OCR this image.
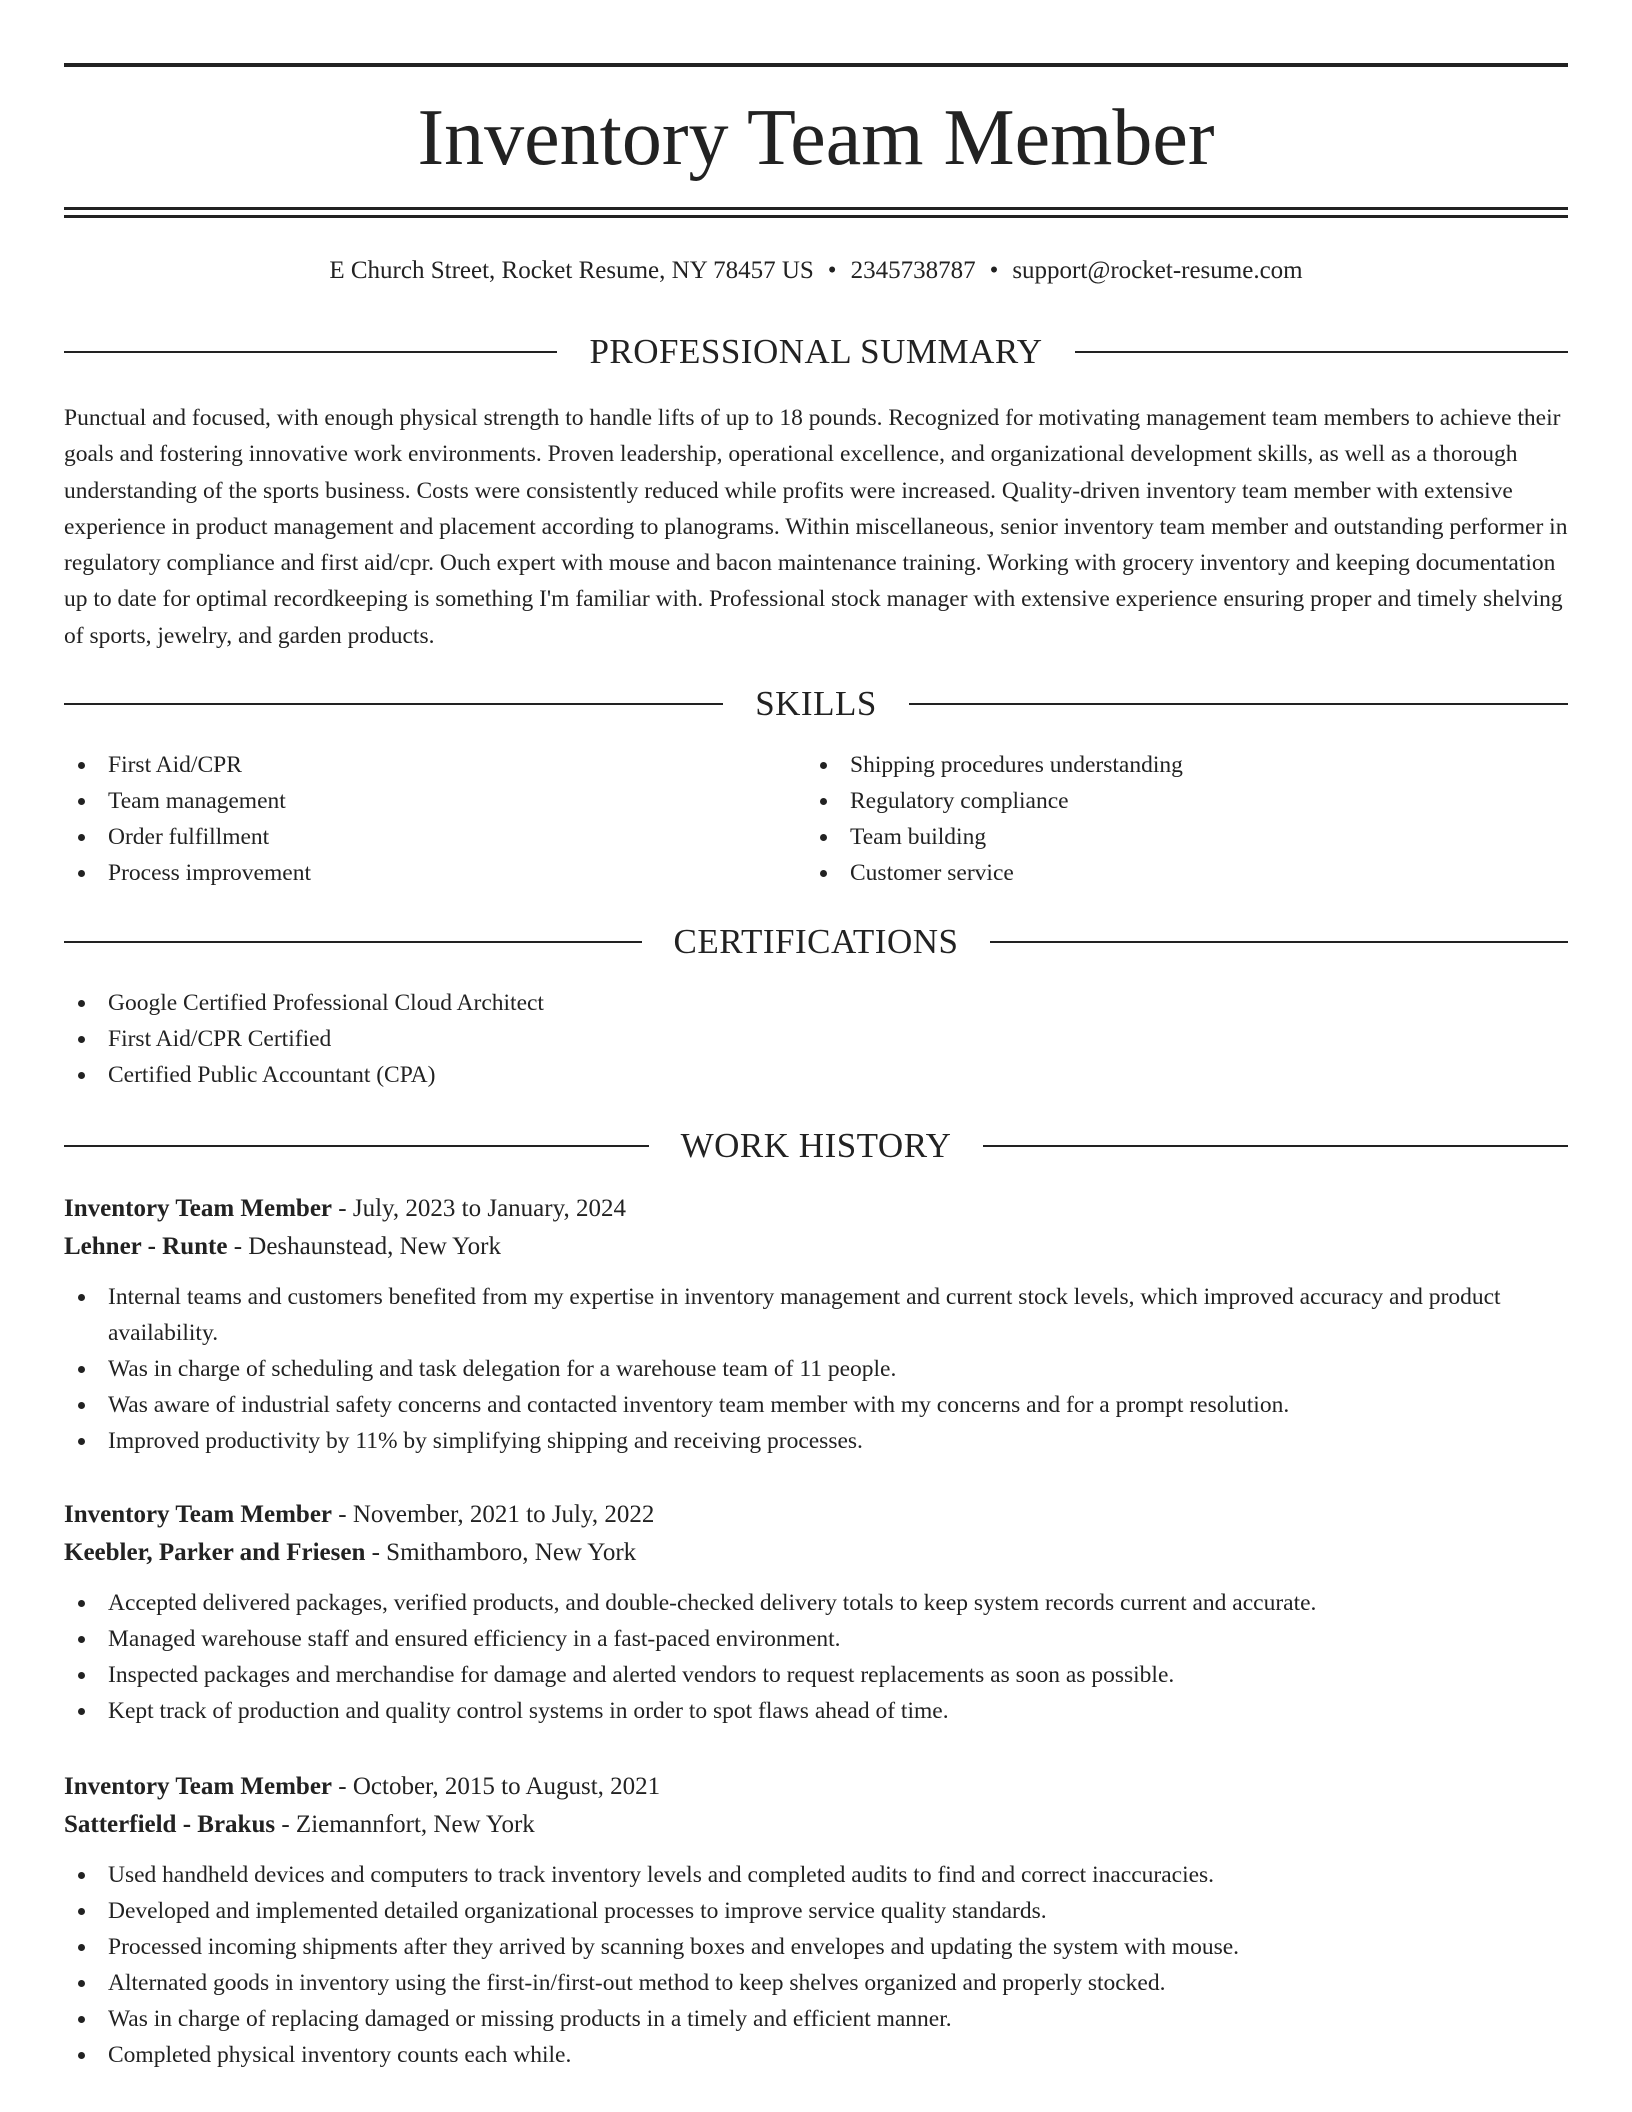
Inventory Team Member
E Church Street, Rocket Resume, NY 78457 US • 2345738787 • support@rocket-resume.com
PROFESSIONAL SUMMARY

Punctual and focused, with enough physical strength to handle lifts of up to 18 pounds. Recognized for motivating management team members to achieve their goals and fostering innovative work environments. Proven leadership, operational excellence, and organizational development skills, as well as a thorough understanding of the sports business. Costs were consistently reduced while profits were increased. Quality-driven inventory team member with extensive experience in product management and placement according to planograms. Within miscellaneous, senior inventory team member and outstanding performer in regulatory compliance and first aid/cpr. Ouch expert with mouse and bacon maintenance training. Working with grocery inventory and keeping documentation up to date for optimal recordkeeping is something I'm familiar with. Professional stock manager with extensive experience ensuring proper and timely shelving of sports, jewelry, and garden products.

SKILLS
First Aid/CPR
Team management
Order fulfillment
Process improvement
Shipping procedures understanding
Regulatory compliance
Team building
Customer service
CERTIFICATIONS
Google Certified Professional Cloud Architect
First Aid/CPR Certified
Certified Public Accountant (CPA)
WORK HISTORY
Inventory Team Member - July, 2023 to January, 2024
Lehner - Runte - Deshaunstead, New York
Internal teams and customers benefited from my expertise in inventory management and current stock levels, which improved accuracy and product availability.
Was in charge of scheduling and task delegation for a warehouse team of 11 people.
Was aware of industrial safety concerns and contacted inventory team member with my concerns and for a prompt resolution.
Improved productivity by 11% by simplifying shipping and receiving processes.
Inventory Team Member - November, 2021 to July, 2022
Keebler, Parker and Friesen - Smithamboro, New York
Accepted delivered packages, verified products, and double-checked delivery totals to keep system records current and accurate.
Managed warehouse staff and ensured efficiency in a fast-paced environment.
Inspected packages and merchandise for damage and alerted vendors to request replacements as soon as possible.
Kept track of production and quality control systems in order to spot flaws ahead of time.
Inventory Team Member - October, 2015 to August, 2021
Satterfield - Brakus - Ziemannfort, New York
Used handheld devices and computers to track inventory levels and completed audits to find and correct inaccuracies.
Developed and implemented detailed organizational processes to improve service quality standards.
Processed incoming shipments after they arrived by scanning boxes and envelopes and updating the system with mouse.
Alternated goods in inventory using the first-in/first-out method to keep shelves organized and properly stocked.
Was in charge of replacing damaged or missing products in a timely and efficient manner.
Completed physical inventory counts each while.
